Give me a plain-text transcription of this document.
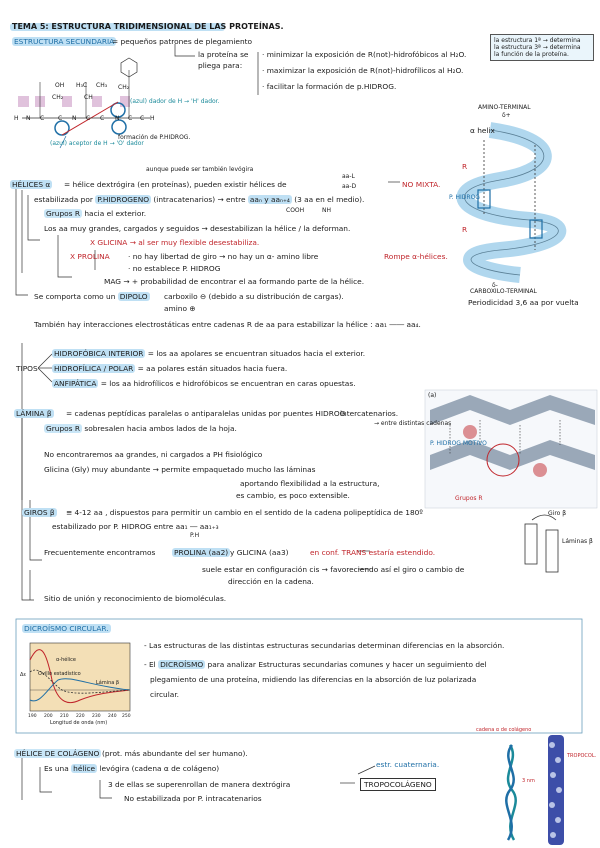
TEMA 5: ESTRUCTURA TRIDIMENSIONAL DE LAS PROTEÍNAS.
la estructura 1ª → determina
la estructura 3ª → determina
la función de la proteína.
ESTRUCTURA SECUNDARIA
= pequeños patrones de plegamiento
la proteína se
pliega para:
· minimizar la exposición de R(not)-hidrofóbicos al H₂O.
· maximizar la exposición de R(not)-hidrofílicos al H₂O.
· facilitar la formación de p.HIDROG.
OH H₃C CH₃
CH₂
CH₂
CH
H N C C N C C N C C H
(azul) dador de H → 'H' dador.
(azul) aceptor de H → 'O' dador
formación de P.HIDROG.
AMINO-TERMINAL
δ+
α helix
R
R
P. HIDROG
δ-
CARBOXILO-TERMINAL
Periodicidad 3,6 aa por vuelta
aunque puede ser también levógira
HÉLICES α = hélice dextrógira (en proteínas), pueden existir hélices de
aa-L
aa-D	NO MIXTA.
estabilizada por P.HIDROGENO (intracatenarios) → entre aaₙ y aaₙ₊₄ (3 aa en el medio).
COOH	NH
Grupos R hacia el exterior.
Los aa muy grandes, cargados y seguidos → desestabilizan la hélice / la deforman.
X GLICINA → al ser muy flexible desestabiliza.
X PROLINA · no hay libertad de giro → no hay un α- amino libre
· no establece P. HIDROG
Rompe α-hélices.
MAG → + probabilidad de encontrar el aa formando parte de la hélice.
Se comporta como un DIPOLO carboxilo ⊖ (debido a su distribución de cargas).
amino ⊕
También hay interacciones electrostáticas entre cadenas R de aa para estabilizar la hélice : aa₁ ―― aa₄.
TIPOS
HIDROFÓBICA INTERIOR = los aa apolares se encuentran situados hacia el exterior.
HIDROFÍLICA / POLAR = aa polares están situados hacia fuera.
ANFIPÁTICA = los aa hidrofílicos e hidrofóbicos se encuentran en caras opuestas.
LÁMINA β = cadenas peptídicas paralelas o antiparalelas unidas por puentes HIDROG
intercatenarios.
→ entre distintas cadenas
Grupos R sobresalen hacia ambos lados de la hoja.
No encontraremos aa grandes, ni cargados a PH fisiológico
Glicina (Gly) muy abundante → permite empaquetado mucho las láminas
aportando flexibilidad a la estructura,
es cambio, es poco extensible.
(a)
P. HIDROG MOTIVO
Grupos R
GIROS β ≡ 4-12 aa , dispuestos para permitir un cambio en el sentido de la cadena polipeptídica de 180º
estabilizado por P. HIDROG entre aa₁ ― aa₁₊₃
P.H
Frecuentemente encontramos	PROLINA (aa2) y GLICINA (aa3)	en conf. TRANS estaría estendido.
suele estar en configuración cis → favoreciendo así el giro o cambio de
dirección en la cadena.
Sitio de unión y reconocimiento de biomoléculas.
Giro β
Láminas β
DICROÍSMO CIRCULAR.
- Las estructuras de las distintas estructuras secundarias determinan diferencias en la absorción.
- El DICROÍSMO para analizar Estructuras secundarias comunes y hacer un seguimiento del
plegamiento de una proteína, midiendo las diferencias en la absorción de luz polarizada
circular.
α-hélice
Ovillo estadístico
Lámina β
Δε
190 200 210 220 230 240 250
Longitud de onda (nm)
HÉLICE DE COLÁGENO (prot. más abundante del ser humano).
Es una hélice levógira (cadena α de colágeno)
3 de ellas se superenrollan de manera dextrógira	TROPOCOLÁGENO
estr. cuaternaria.
No estabilizada por P. intracatenarios
cadena α de colágeno
TROPOCOL.
3 nm
